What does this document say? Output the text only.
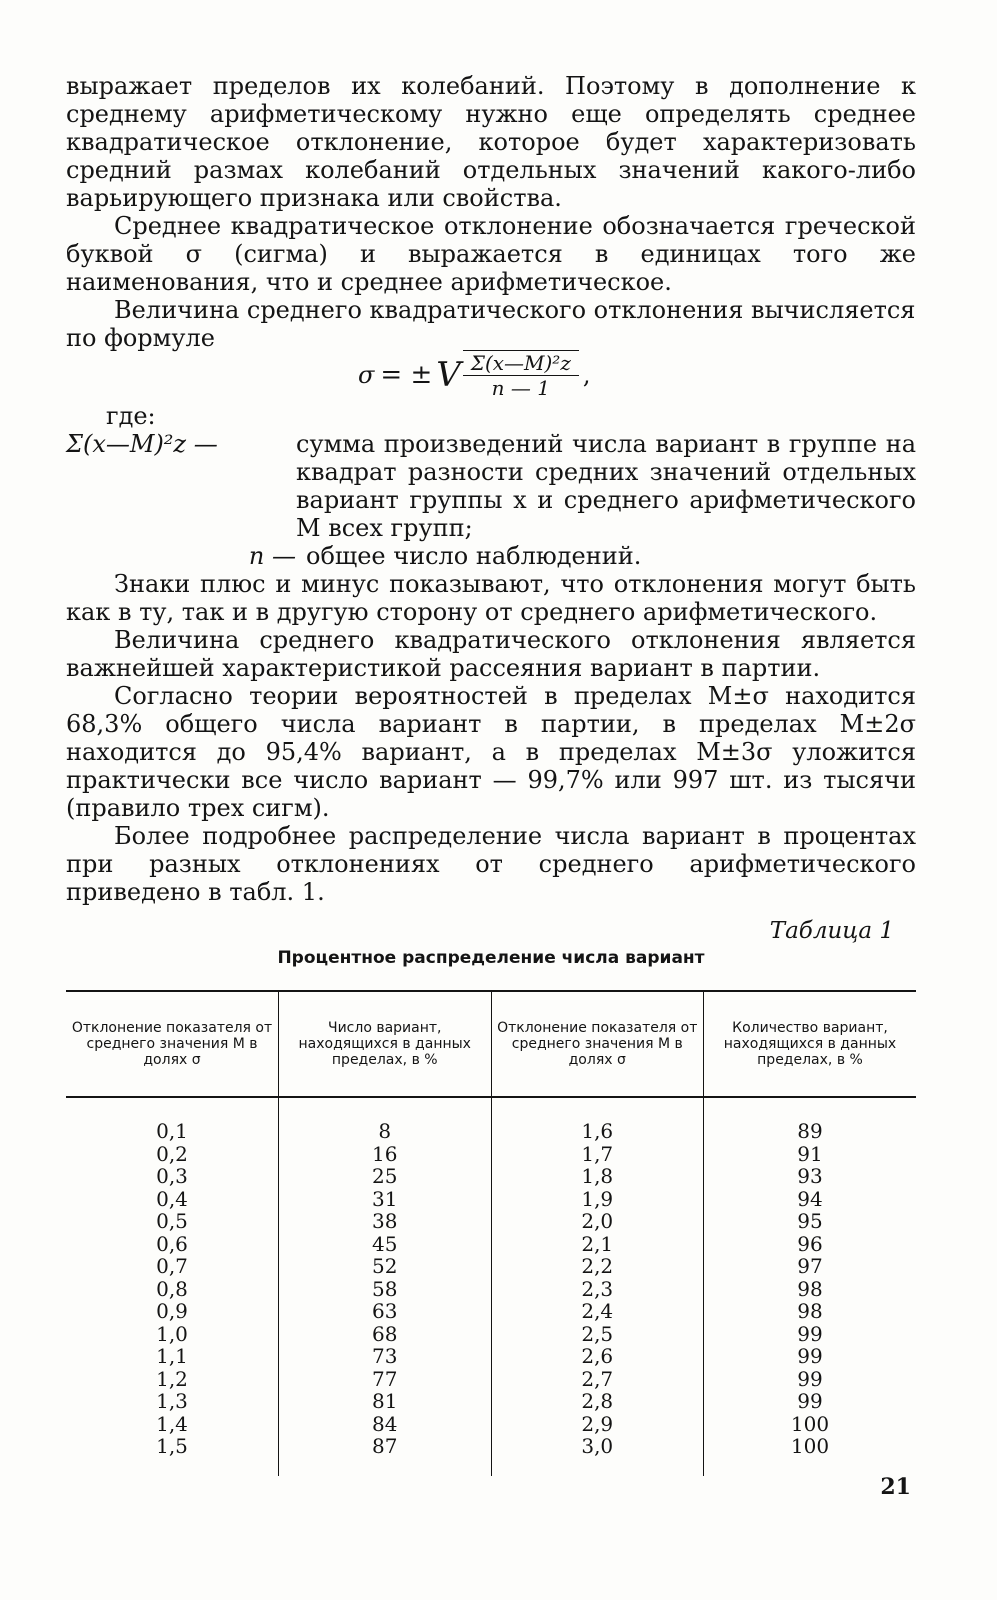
выражает пределов их колебаний. Поэтому в дополнение к среднему арифметическому нужно еще определять среднее квадратическое отклонение, которое будет характеризовать средний размах колебаний отдельных значений какого-либо варьирующего признака или свойства.

Среднее квадратическое отклонение обозначается греческой буквой σ (сигма) и выражается в единицах того же наименования, что и среднее арифметическое.

Величина среднего квадратического отклонения вычисляется

по формуле

σ = ± V $\frac{\text{Σ(x—M)²z}}{n — 1}$ ,
где:
Σ(x—M)²z —	сумма произведений числа вариант в группе на квадрат разности средних значений отдельных вариант группы x и среднего арифметического M всех групп;
n — общее число наблюдений.

Знаки плюс и минус показывают, что отклонения могут быть как в ту, так и в другую сторону от среднего арифметического.

Величина среднего квадратического отклонения является важнейшей характеристикой рассеяния вариант в партии.

Согласно теории вероятностей в пределах M±σ находится 68,3% общего числа вариант в партии, в пределах M±2σ находится до 95,4% вариант, а в пределах M±3σ уложится практически все число вариант — 99,7% или 997 шт. из тысячи (правило трех сигм).

Более подробнее распределение числа вариант в процентах при разных отклонениях от среднего арифметического приведено в табл. 1.

Таблица 1
Процентное распределение числа вариант
Отклонение показателя от среднего значения M в долях σ	Число вариант, находящихся в данных пределах, в %	Отклонение показателя от среднего значения M в долях σ	Количество вариант, находящихся в данных пределах, в %
0,1	8	1,6	89
0,2	16	1,7	91
0,3	25	1,8	93
0,4	31	1,9	94
0,5	38	2,0	95
0,6	45	2,1	96
0,7	52	2,2	97
0,8	58	2,3	98
0,9	63	2,4	98
1,0	68	2,5	99
1,1	73	2,6	99
1,2	77	2,7	99
1,3	81	2,8	99
1,4	84	2,9	100
1,5	87	3,0	100
21
